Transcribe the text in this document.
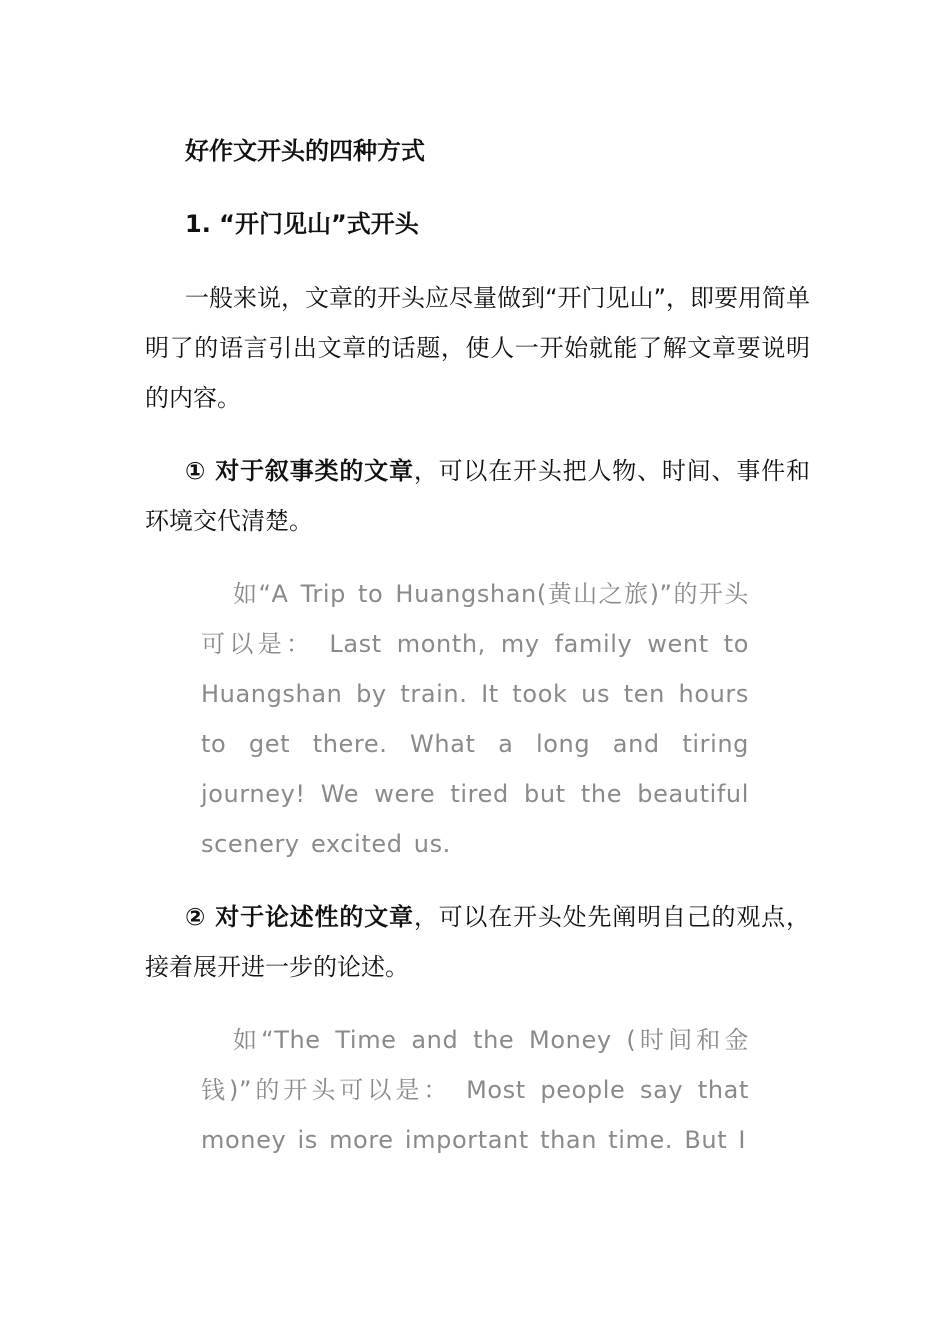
好作文开头的四种方式
1. “开门见山”式开头

一般来说，文章的开头应尽量做到“开门见山”，即要用简单明了的语言引出文章的话题，使人一开始就能了解文章要说明的内容。

① 对于叙事类的文章，可以在开头把人物、时间、事件和环境交代清楚。

如“A Trip to Huangshan(黄山之旅)”的开头可以是： Last month, my family went to Huangshan by train. It took us ten hours to get there. What a long and tiring journey! We were tired but the beautiful scenery excited us.

② 对于论述性的文章，可以在开头处先阐明自己的观点，接着展开进一步的论述。

如“The Time and the Money (时间和金钱)”的开头可以是： Most people say that money is more important than time. But I
